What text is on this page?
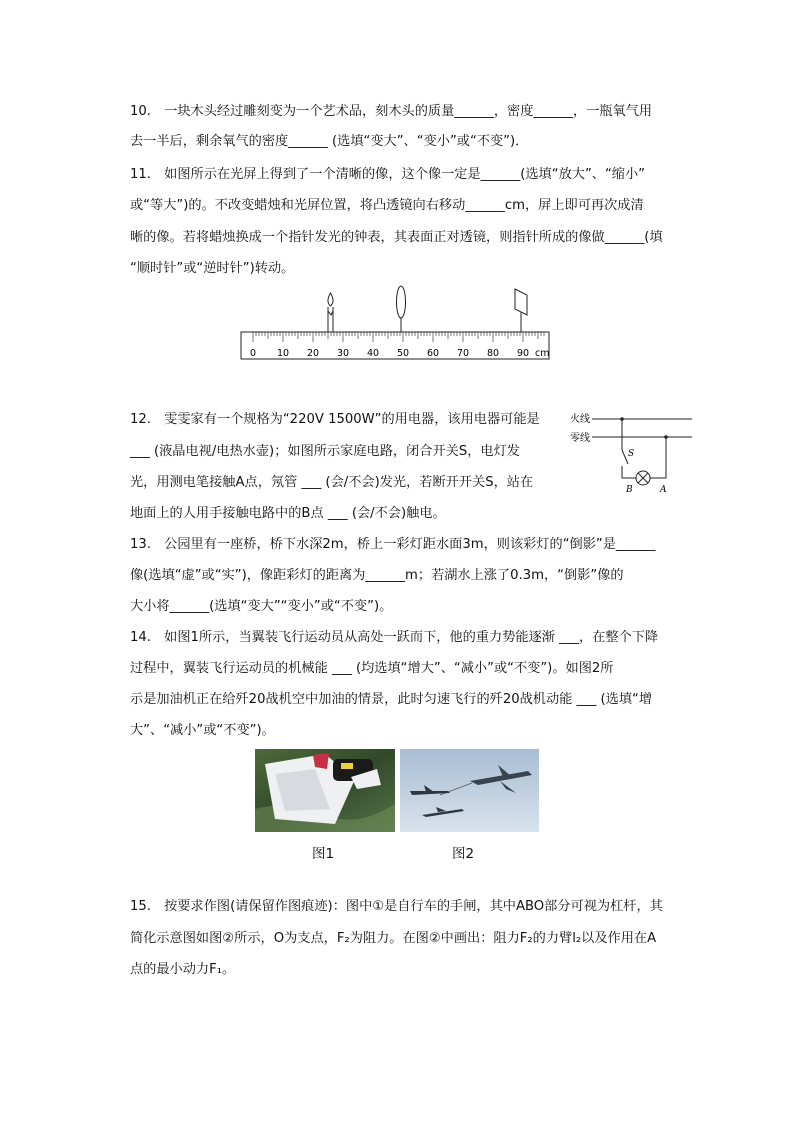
10.　一块木头经过雕刻变为一个艺术品，刻木头的质量______，密度______，一瓶氧气用
去一半后，剩余氧气的密度______ (选填“变大”、“变小”或“不变”)．
11.　如图所示在光屏上得到了一个清晰的像，这个像一定是______(选填“放大”、“缩小”
或“等大”)的。不改变蜡烛和光屏位置，将凸透镜向右移动______cm，屏上即可再次成清
晰的像。若将蜡烛换成一个指针发光的钟表，其表面正对透镜，则指针所成的像做______(填
“顺时针”或“逆时针”)转动。
0 10 20 30 40 50 60 70 80 90 cm
12.　雯雯家有一个规格为“220V 1500W”的用电器，该用电器可能是
___ (液晶电视/电热水壶)；如图所示家庭电路，闭合开关S，电灯发
光，用测电笔接触A点，氖管 ___ (会/不会)发光，若断开开关S，站在
地面上的人用手接触电路中的B点 ___ (会/不会)触电。
火线
零线
S
B	A
13.　公园里有一座桥，桥下水深2m，桥上一彩灯距水面3m，则该彩灯的“倒影”是______
像(选填“虚”或“实”)，像距彩灯的距离为______m；若湖水上涨了0.3m，“倒影”像的
大小将______(选填“变大”“变小”或“不变”)。
14.　如图1所示，当翼装飞行运动员从高处一跃而下，他的重力势能逐渐 ___，在整个下降
过程中，翼装飞行运动员的机械能 ___ (均选填“增大”、“减小”或“不变”)。如图2所
示是加油机正在给歼20战机空中加油的情景，此时匀速飞行的歼20战机动能 ___ (选填“增
大”、“减小”或“不变”)。
图1	图2
15.　按要求作图(请保留作图痕迹)：图中①是自行车的手闸，其中ABO部分可视为杠杆，其
简化示意图如图②所示，O为支点，F₂为阻力。在图②中画出：阻力F₂的力臂l₂以及作用在A
点的最小动力F₁。
